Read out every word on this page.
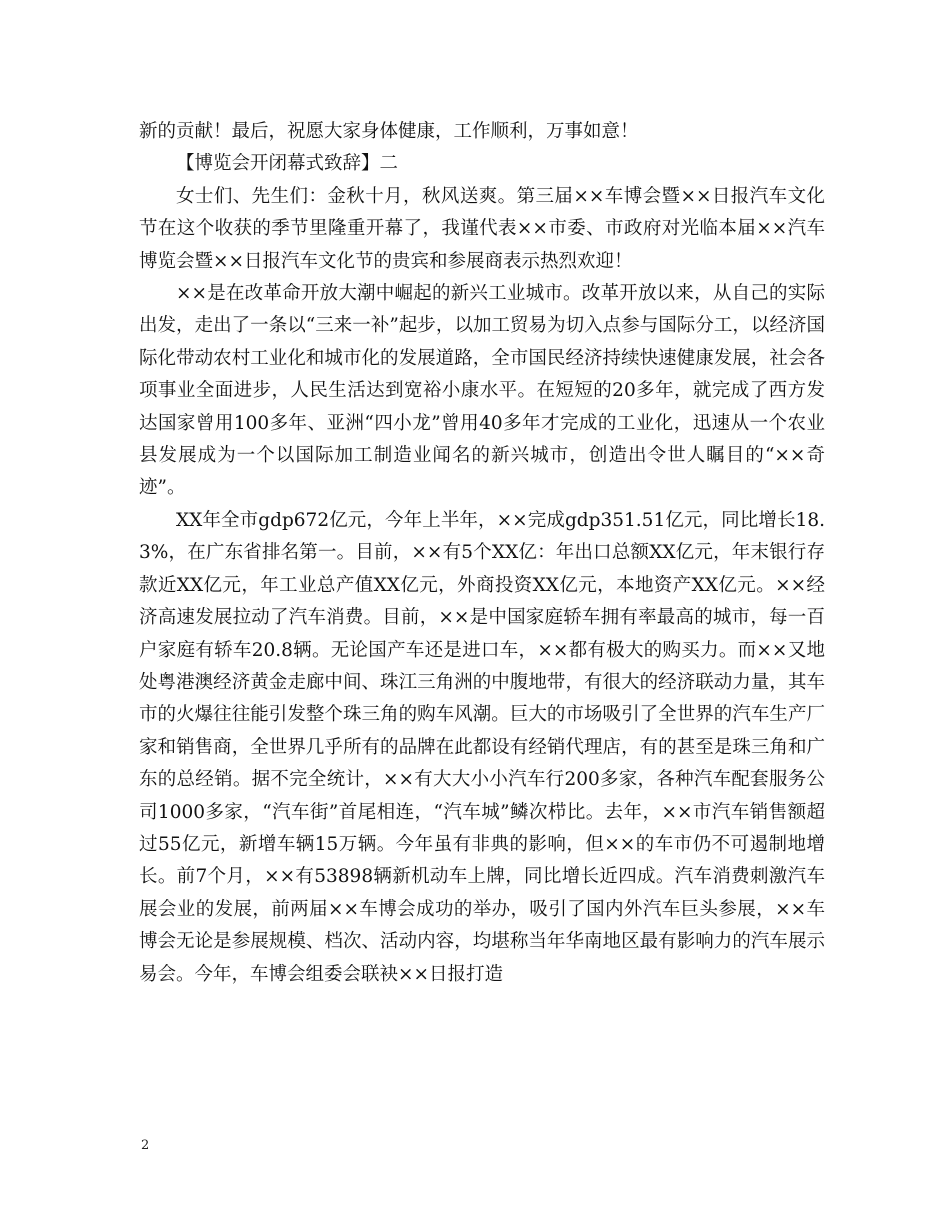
新的贡献！最后，祝愿大家身体健康，工作顺利，万事如意！

【博览会开闭幕式致辞】二

女士们、先生们：金秋十月，秋风送爽。第三届××车博会暨××日报汽车文化节在这个收获的季节里隆重开幕了，我谨代表××市委、市政府对光临本届××汽车博览会暨××日报汽车文化节的贵宾和参展商表示热烈欢迎！

××是在改革命开放大潮中崛起的新兴工业城市。改革开放以来，从自己的实际出发，走出了一条以“三来一补”起步，以加工贸易为切入点参与国际分工，以经济国际化带动农村工业化和城市化的发展道路，全市国民经济持续快速健康发展，社会各项事业全面进步，人民生活达到宽裕小康水平。在短短的20多年，就完成了西方发达国家曾用100多年、亚洲“四小龙”曾用40多年才完成的工业化，迅速从一个农业县发展成为一个以国际加工制造业闻名的新兴城市，创造出令世人瞩目的“××奇迹”。

XX年全市gdp672亿元，今年上半年，××完成gdp351.51亿元，同比增长18.3%，在广东省排名第一。目前，××有5个XX亿：年出口总额XX亿元，年末银行存款近XX亿元，年工业总产值XX亿元，外商投资XX亿元，本地资产XX亿元。××经济高速发展拉动了汽车消费。目前，××是中国家庭轿车拥有率最高的城市，每一百户家庭有轿车20.8辆。无论国产车还是进口车，××都有极大的购买力。而××又地处粤港澳经济黄金走廊中间、珠江三角洲的中腹地带，有很大的经济联动力量，其车市的火爆往往能引发整个珠三角的购车风潮。巨大的市场吸引了全世界的汽车生产厂家和销售商，全世界几乎所有的品牌在此都设有经销代理店，有的甚至是珠三角和广东的总经销。据不完全统计，××有大大小小汽车行200多家，各种汽车配套服务公司1000多家，“汽车街”首尾相连，“汽车城”鳞次栉比。去年，××市汽车销售额超过55亿元，新增车辆15万辆。今年虽有非典的影响，但××的车市仍不可遏制地增长。前7个月，××有53898辆新机动车上牌，同比增长近四成。汽车消费刺激汽车展会业的发展，前两届××车博会成功的举办，吸引了国内外汽车巨头参展，××车博会无论是参展规模、档次、活动内容，均堪称当年华南地区最有影响力的汽车展示易会。今年，车博会组委会联袂××日报打造

2
